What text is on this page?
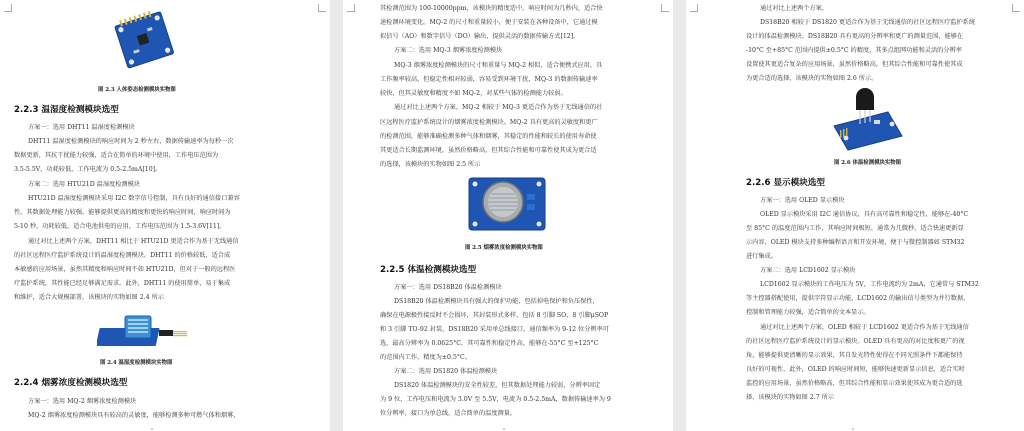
图 2.3 人体姿态检测模块实物图
2.2.3 温湿度检测模块选型
方案一：选用 DHT11 温湿度检测模块
DHT11 温湿度检测模块的响应时间为 2 秒左右，数据传输速率为每秒一次
数据更新，其抗干扰能力较强，适合在简单的环境中使用，工作电压范围为
3.5-5.5V，功耗较低，工作电流为 0.5-2.5mA[10]。
方案二：选用 HTU21D 温湿度检测模块
HTU21D 温湿度检测模块采用 I2C 数字信号控制，具有良好的通信接口兼容
性，其数据处理能力较强，能够提供更高的精度和更快的响应时间，响应时间为
5-10 秒，功耗较低，适合电池供电的应用，工作电压范围为 1.5-3.6V[11]。
通过对比上述两个方案，DHT11 相比于 HTU21D 更适合作为基于无线通信
的社区远程医疗监护系统设计的温湿度检测模块。DHT11 的价格较低，适合成
本敏感的应用场景，虽然其精度和响应时间不如 HTU21D，但对于一般的远程医
疗监护系统，其性能已经足够满足需求。此外，DHT11 的使用简单，易于集成
和维护，适合大规模部署，该模块的实物如图 2.4 所示
图 2.4 温湿度检测模块实物图
2.2.4 烟雾浓度检测模块选型
方案一：选用 MQ-2 烟雾浓度检测模块
MQ-2 烟雾浓度检测模块具有较高的灵敏度，能够检测多种可燃气体和烟雾，
其检测范围为 100-10000ppm，该模块的精度适中，响应时间为几秒内，适合快
速检测环境变化。MQ-2 的尺寸和重量较小，便于安装在各种设备中，它通过模
拟信号（AO）和数字信号（DO）输出，提供灵活的数据传输方式[12]。
方案二：选用 MQ-3 烟雾浓度检测模块
MQ-3 烟雾浓度检测模块的尺寸和重量与 MQ-2 相似，适合便携式应用，具
工作频率较高，但稳定性相对较弱，容易受到环境干扰，MQ-3 的数据传输速率
较快，但其灵敏度和精度不如 MQ-2，对某些气体的检测能力较弱。
通过对比上述两个方案，MQ-2 相较于 MQ-3 更适合作为基于无线通信的社
区远程医疗监护系统设计的烟雾浓度检测模块。MQ-2 具有更高的灵敏度和更广
的检测范围，能够准确检测多种气体和烟雾，其稳定的性能和较长的使用寿命使
其更适合长期监测环境，虽然价格略高，但其综合性能和可靠性使其成为更合适
的选择，该模块的实物如图 2.5 所示
图 2.5 烟雾浓度检测模块实物图
2.2.5 体温检测模块选型
方案一：选用 DS18B20 体温检测模块
DS18B20 体温检测模块具有强大的保护功能，包括掉电保护和负压保性，
确保在电源极性接反时不会损坏，其封装形式多样，包括 8 引脚 SO、8 引脚μSOP
和 3 引脚 TO-92 封装，DS18B20 采用单总线接口，通信频率为 9-12 位分辨率可
选，最高分辨率为 0.0625°C，其可靠性和稳定性高，能够在-55°C 至+125°C
的范围内工作，精度为±0.5°C。
方案二：选用 DS1820 体温检测模块
DS1820 体温检测模块的安全性较差，但其数据处理能力较弱，分辨率固定
为 9 位，工作电压和电流为 3.0V 至 5.5V，电流为 0.5-2.5mA，数据传输速率为 9
位分辨率，接口为单总线，适合简单的温度测量。
通过对比上述两个方案，
DS18B20 相较于 DS1820 更适合作为基于无线通信的社区远程医疗监护系统
设计的体温检测模块。DS18B20 具有更高的分辨率和更广的测量范围，能够在
-10°C 至+85°C 范围内提供±0.5°C 的精度，其多点组网功能和灵活的分辨率
设置使其更适合复杂的应用场景，虽然价格略高，但其综合性能和可靠性使其成
为更合适的选择，该模块的实物如图 2.6 所示。
图 2.6 体温检测模块实物图
2.2.6 显示模块选型
方案一：选用 OLED 显示模块
OLED 显示模块采用 I2C 通信协议，具有高可靠性和稳定性，能够在-40°C
至 85°C 的温度范围内工作，其响应时间极短，通常为几微秒，适合快速更新显
示内容，OLED 模块支持多种编程语言和开发环境，便于与微控制器如 STM32
进行集成。
方案二：选用 LCD1602 显示模块
LCD1602 显示模块的工作电压为 5V，工作电流约为 2mA，它通常与 STM32
等主控器搭配使用，提供字符显示功能，LCD1602 的输出信号类型为并行数据，
控制和管理能力较强，适合简单的文本显示。
通过对比上述两个方案，OLED 相较于 LCD1602 更适合作为基于无线通信
的社区远程医疗监护系统设计的显示模块。OLED 具有更高的对比度和更广的视
角，能够提供更清晰的显示效果，其自发光特性使得在不同光照条件下都能保持
良好的可视性，此外，OLED 的响应时间短，能够快速更新显示信息，适合实时
监控的应用场景，虽然价格略高，但其综合性能和显示效果使其成为更合适的选
择，该模块的实物如图 2.7 所示
